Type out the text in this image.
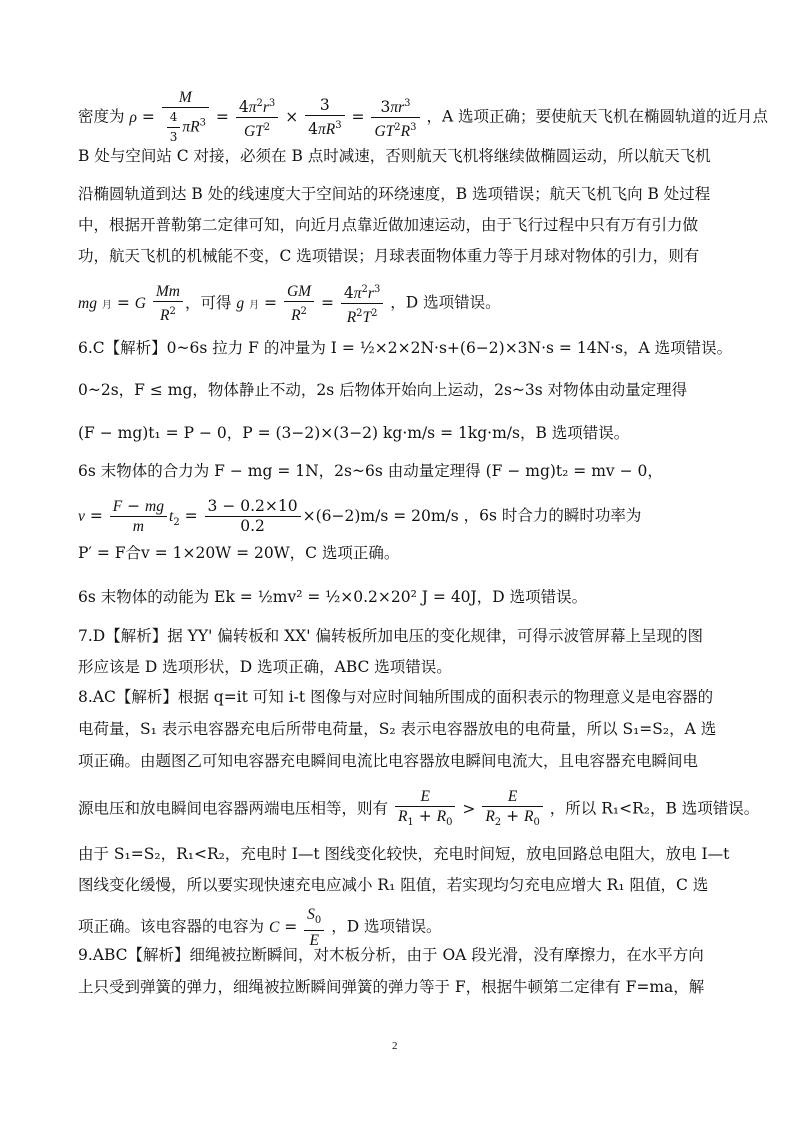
密度为 $\rho = \frac{M}{\frac{4}{3} \pi R^3} = \frac{4\pi^2r^3}{GT^2} \times \frac{3}{4\pi R^3} = \frac{3\pi r^3}{GT^2R^3}$ ，A 选项正确；要使航天飞机在椭圆轨道的近月点
B 处与空间站 C 对接，必须在 B 点时减速，否则航天飞机将继续做椭圆运动，所以航天飞机
沿椭圆轨道到达 B 处的线速度大于空间站的环绕速度，B 选项错误；航天飞机飞向 B 处过程
中，根据开普勒第二定律可知，向近月点靠近做加速运动，由于飞行过程中只有万有引力做
功，航天飞机的机械能不变，C 选项错误；月球表面物体重力等于月球对物体的引力，则有
mg 月 = G $\frac{Mm}{R^2}$ ，可得 g 月 = $\frac{GM}{R^2} = \frac{4\pi^2r^3}{R^2T^2}$ ，D 选项错误。
6.C【解析】0~6s 拉力 F 的冲量为 I = ½×2×2N·s+(6−2)×3N·s = 14N·s，A 选项错误。
0~2s，F ≤ mg，物体静止不动，2s 后物体开始向上运动，2s~3s 对物体由动量定理得
(F − mg)t₁ = P − 0，P = (3−2)×(3−2) kg·m/s = 1kg·m/s，B 选项错误。
6s 末物体的合力为 F − mg = 1N，2s~6s 由动量定理得 (F − mg)t₂ = mv − 0，
$v = \frac{F - mg}{m} t_2 = \frac{3 - 0.2\times 10}{0.2} \times(6-2)m/s = 20m/s$ ，6s 时合力的瞬时功率为
P′ = F合v = 1×20W = 20W，C 选项正确。
6s 末物体的动能为 Ek = ½mv² = ½×0.2×20² J = 40J，D 选项错误。
7.D【解析】据 YY' 偏转板和 XX' 偏转板所加电压的变化规律，可得示波管屏幕上呈现的图
形应该是 D 选项形状，D 选项正确，ABC 选项错误。
8.AC【解析】根据 q=it 可知 i-t 图像与对应时间轴所围成的面积表示的物理意义是电容器的
电荷量，S₁ 表示电容器充电后所带电荷量，S₂ 表示电容器放电的电荷量，所以 S₁=S₂，A 选
项正确。由题图乙可知电容器充电瞬间电流比电容器放电瞬间电流大，且电容器充电瞬间电
源电压和放电瞬间电容器两端电压相等，则有 $\frac{E}{R_1 + R_0} > \frac{E}{R_2 + R_0}$ ，所以 R₁<R₂，B 选项错误。
由于 S₁=S₂，R₁<R₂，充电时 I—t 图线变化较快，充电时间短，放电回路总电阻大，放电 I—t
图线变化缓慢，所以要实现快速充电应减小 R₁ 阻值，若实现均匀充电应增大 R₁ 阻值，C 选
项正确。该电容器的电容为 $C = \frac{S_0}{E}$ ，D 选项错误。
9.ABC【解析】细绳被拉断瞬间，对木板分析，由于 OA 段光滑，没有摩擦力，在水平方向
上只受到弹簧的弹力，细绳被拉断瞬间弹簧的弹力等于 F，根据牛顿第二定律有 F=ma，解
2
